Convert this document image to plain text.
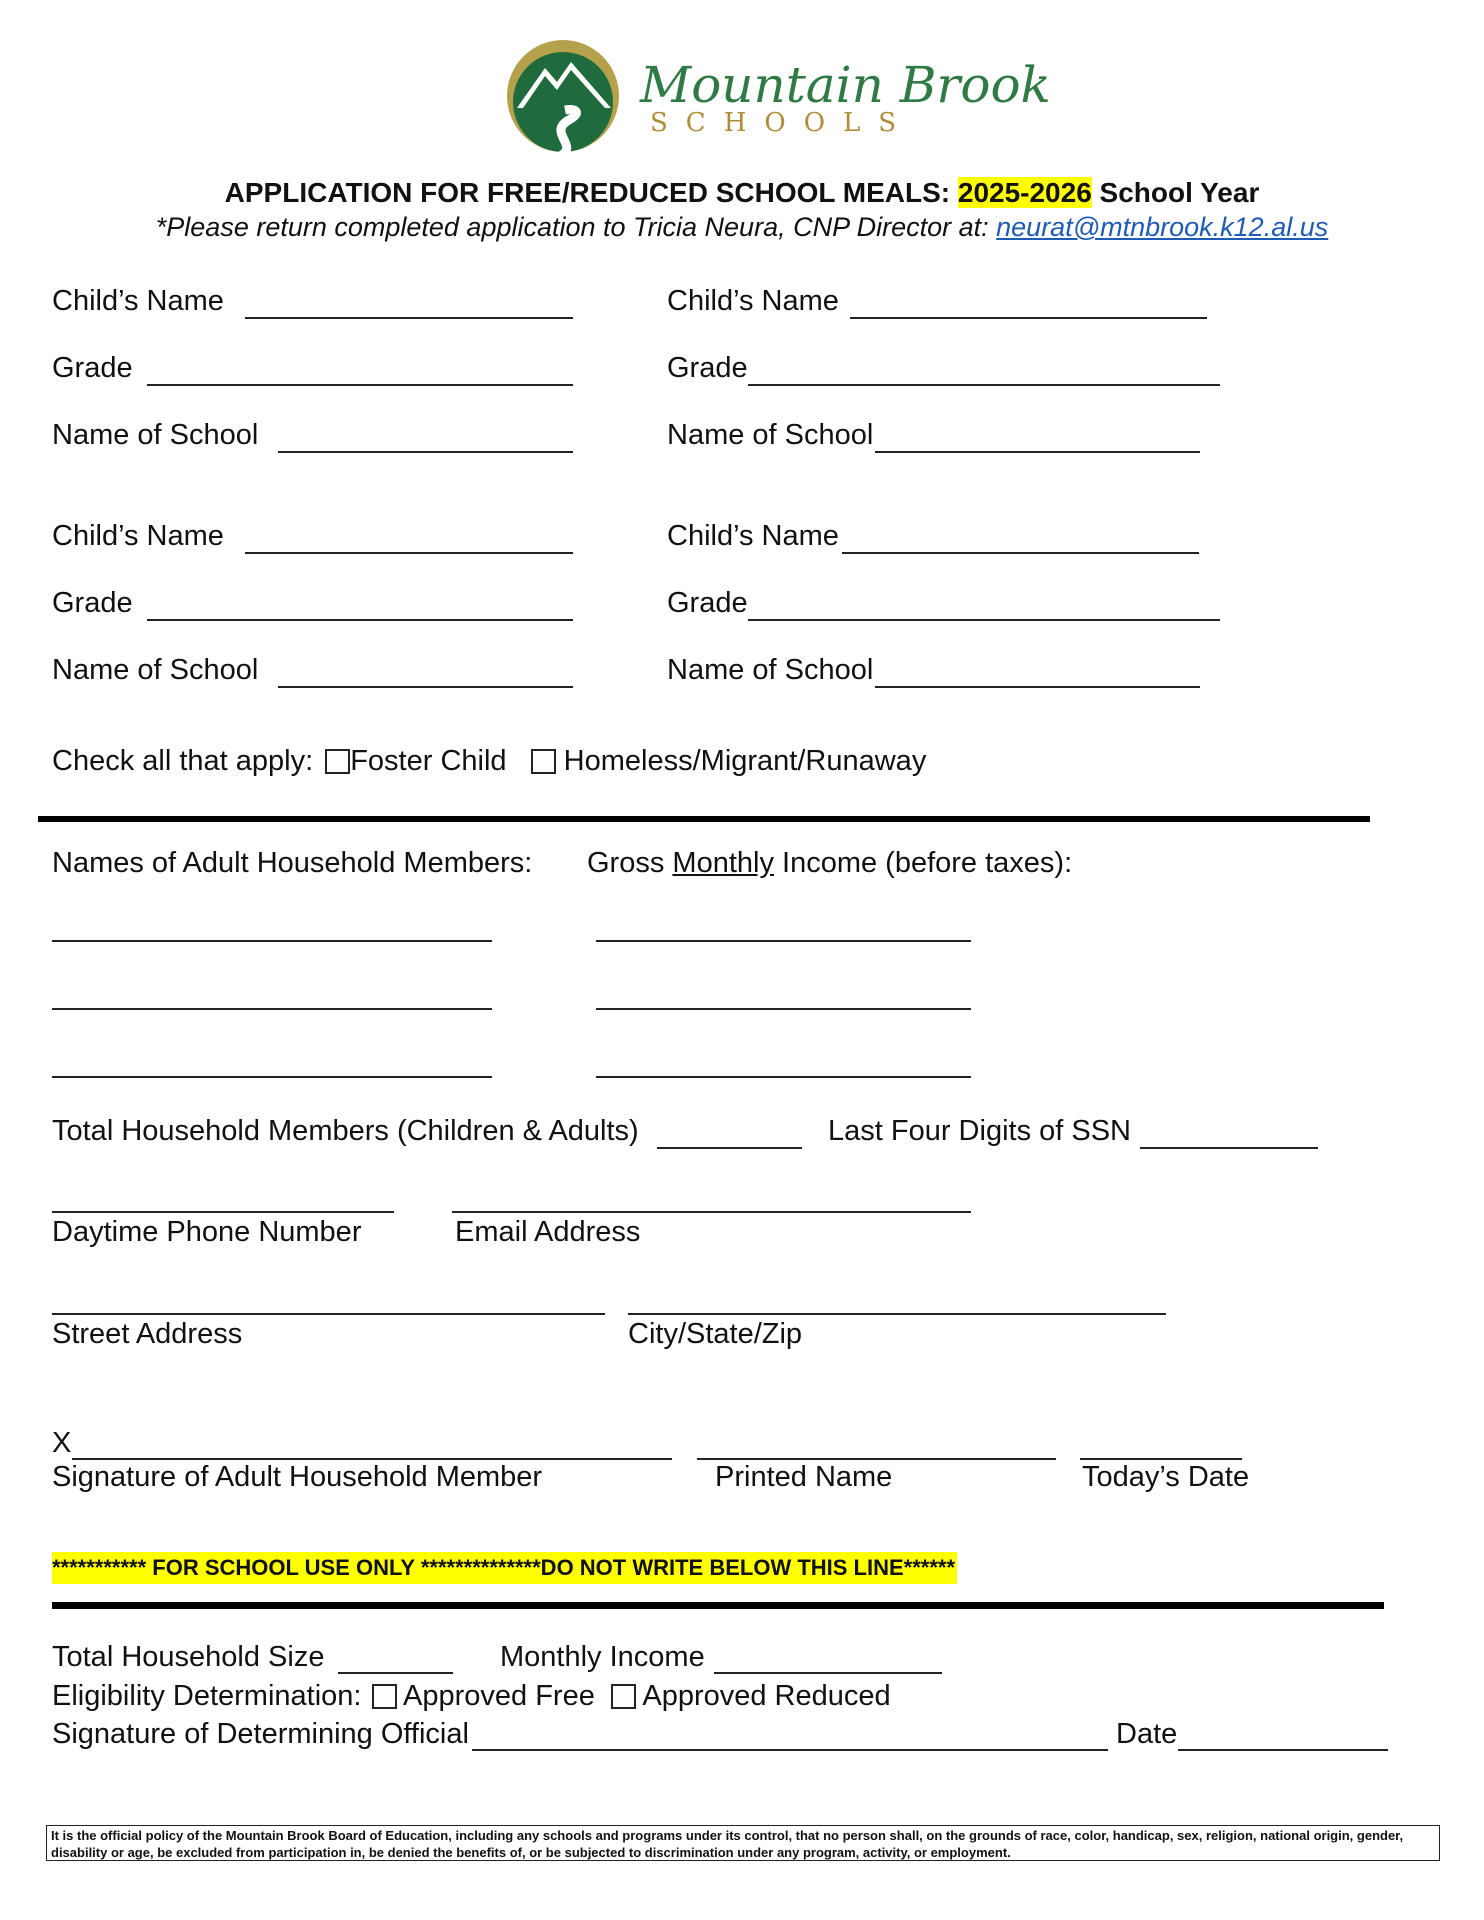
Mountain Brook
SCHOOLS
APPLICATION FOR FREE/REDUCED SCHOOL MEALS: 2025-2026 School Year
*Please return completed application to Tricia Neura, CNP Director at: neurat@mtnbrook.k12.al.us
Child’s Name	Child’s Name
Grade	Grade
Name of School	Name of School
Child’s Name	Child’s Name
Grade	Grade
Name of School	Name of School
Check all that apply: Foster Child Homeless/Migrant/Runaway
Names of Adult Household Members: Gross Monthly Income (before taxes):
Total Household Members (Children & Adults)	Last Four Digits of SSN
Daytime Phone Number	Email Address
Street Address	City/State/Zip
X
Signature of Adult Household Member	Printed Name	Today’s Date
*********** FOR SCHOOL USE ONLY **************DO NOT WRITE BELOW THIS LINE******
Total Household Size	Monthly Income
Eligibility Determination: Approved Free Approved Reduced
Signature of Determining Official	Date
It is the official policy of the Mountain Brook Board of Education, including any schools and programs under its control, that no person shall, on the grounds of race, color, handicap, sex, religion, national origin, gender, disability or age, be excluded from participation in, be denied the benefits of, or be subjected to discrimination under any program, activity, or employment.
